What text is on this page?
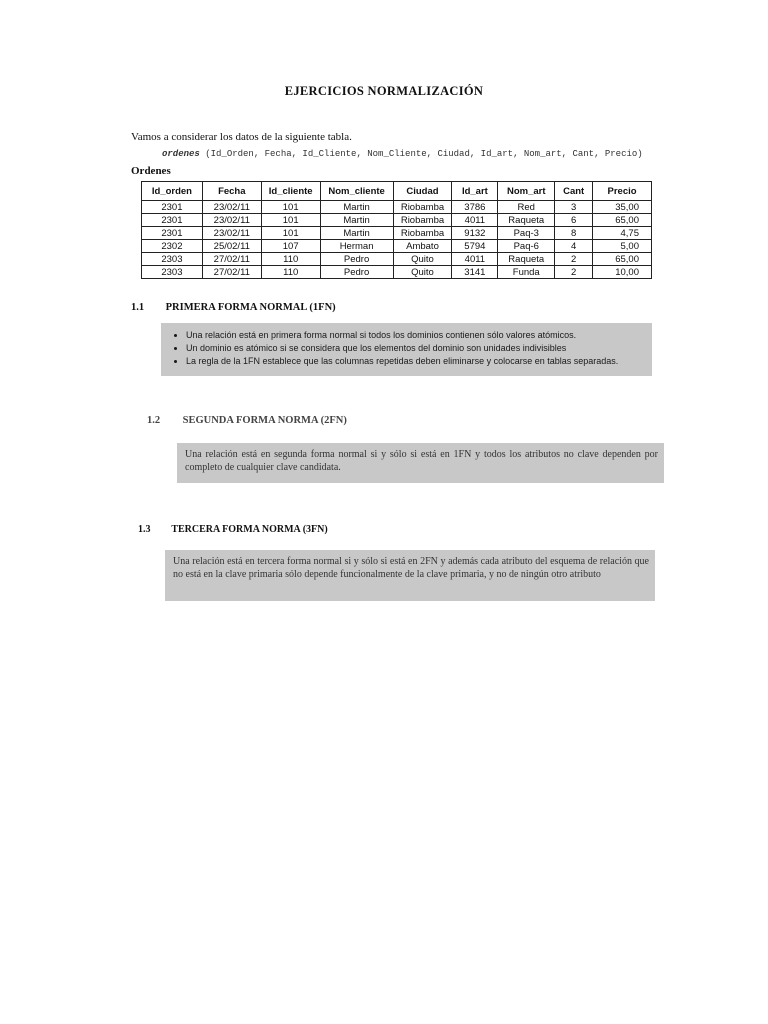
EJERCICIOS NORMALIZACIÓN
Vamos a considerar los datos de la siguiente tabla.
ordenes (Id_Orden, Fecha, Id_Cliente, Nom_Cliente, Ciudad, Id_art, Nom_art, Cant, Precio)
Ordenes
Id_orden	Fecha	Id_cliente	Nom_cliente	Ciudad	Id_art	Nom_art	Cant	Precio
2301	23/02/11	101	Martin	Riobamba	3786	Red	3	35,00
2301	23/02/11	101	Martin	Riobamba	4011	Raqueta	6	65,00
2301	23/02/11	101	Martin	Riobamba	9132	Paq-3	8	4,75
2302	25/02/11	107	Herman	Ambato	5794	Paq-6	4	5,00
2303	27/02/11	110	Pedro	Quito	4011	Raqueta	2	65,00
2303	27/02/11	110	Pedro	Quito	3141	Funda	2	10,00
1.1 PRIMERA FORMA NORMAL (1FN)
• Una relación está en primera forma normal si todos los dominios contienen sólo valores atómicos.
• Un dominio es atómico si se considera que los elementos del dominio son unidades indivisibles
• La regla de la 1FN establece que las columnas repetidas deben eliminarse y colocarse en tablas separadas.
1.2 SEGUNDA FORMA NORMA (2FN)
Una relación está en segunda forma normal si y sólo si está en 1FN y todos los atributos no clave dependen por completo de cualquier clave candidata.
1.3 TERCERA FORMA NORMA (3FN)
Una relación está en tercera forma normal si y sólo si está en 2FN y además cada atributo del esquema de relación que no está en la clave primaria sólo depende funcionalmente de la clave primaria, y no de ningún otro atributo
